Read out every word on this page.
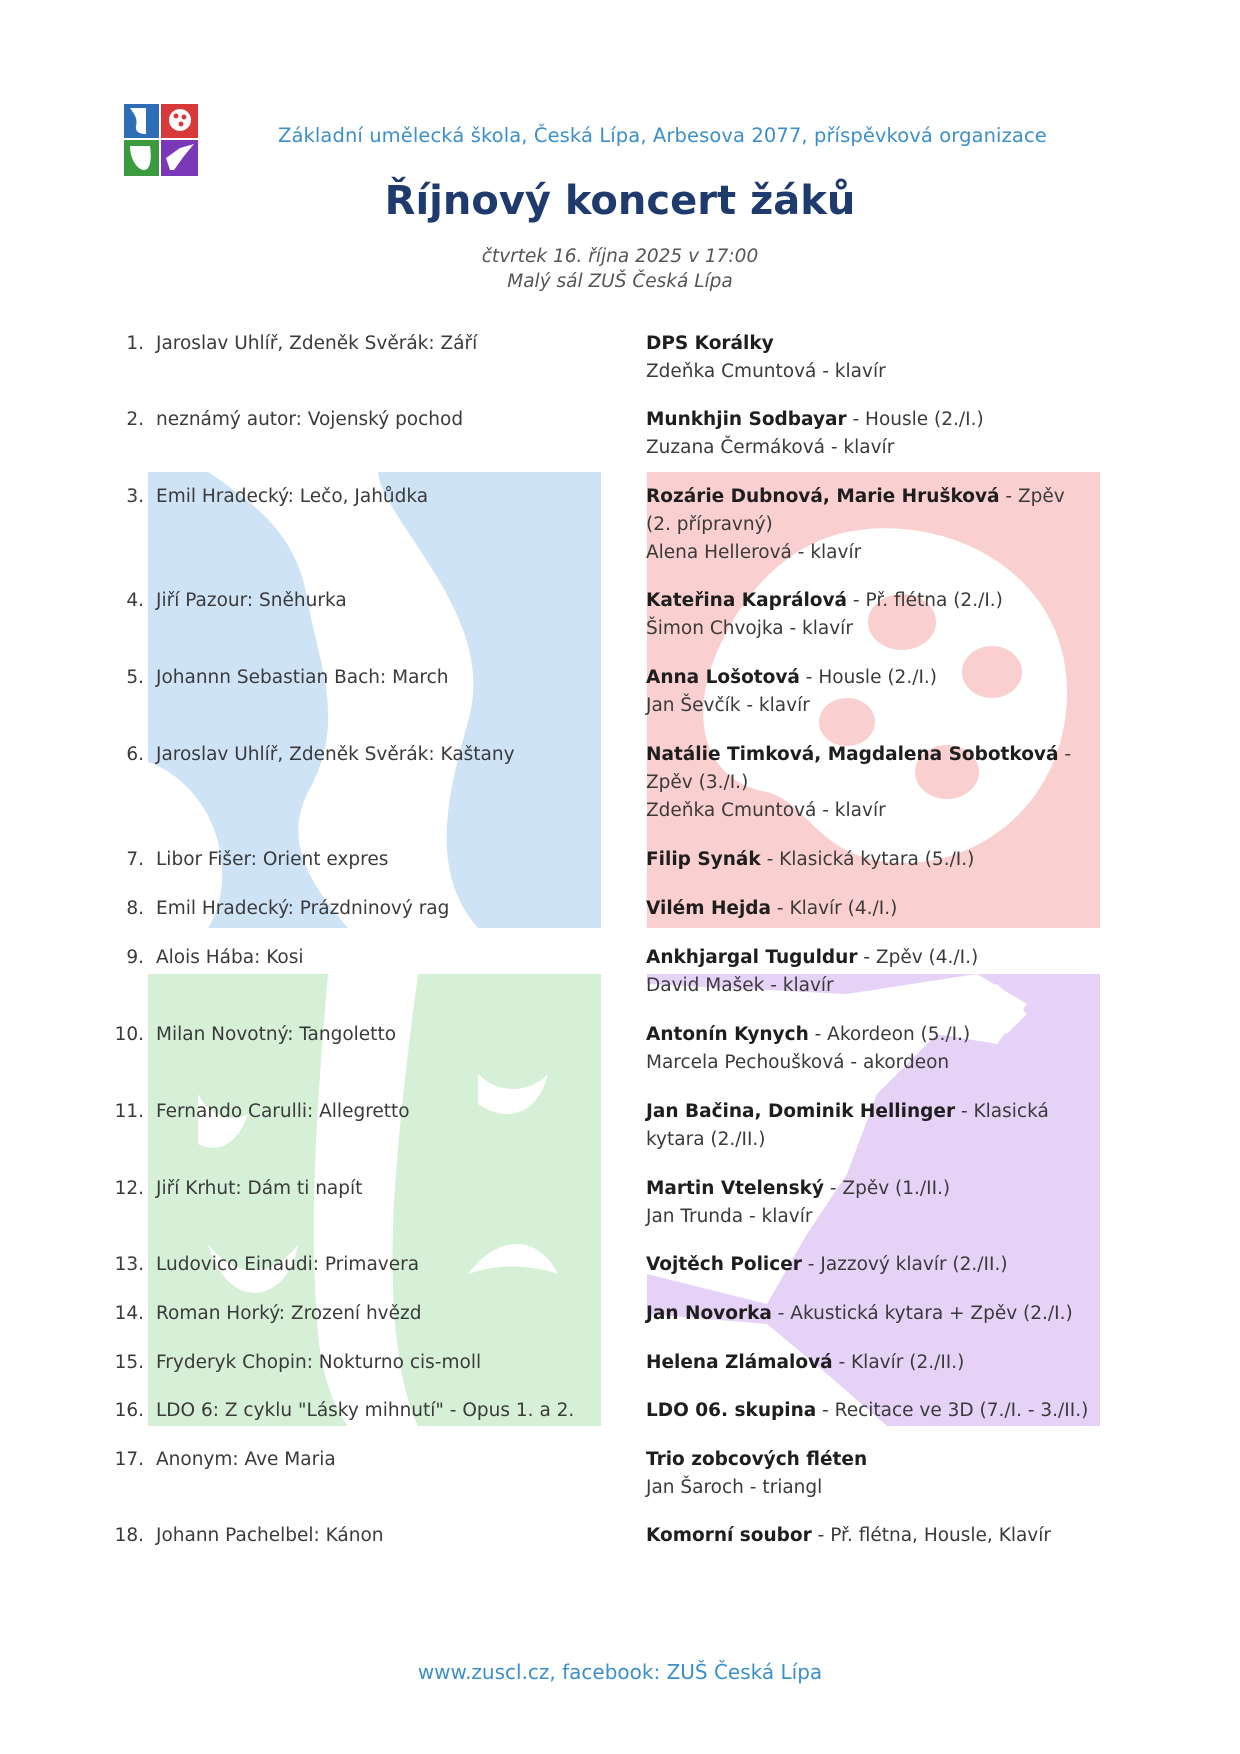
Základní umělecká škola, Česká Lípa, Arbesova 2077, příspěvková organizace
Říjnový koncert žáků
čtvrtek 16. října 2025 v 17:00
Malý sál ZUŠ Česká Lípa
1. Jaroslav Uhlíř, Zdeněk Svěrák: Září	DPS Korálky
Zdeňka Cmuntová - klavír
2. neznámý autor: Vojenský pochod	Munkhjin Sodbayar - Housle (2./I.)
Zuzana Čermáková - klavír
3. Emil Hradecký: Lečo, Jahůdka	Rozárie Dubnová, Marie Hrušková - Zpěv (2. přípravný)
Alena Hellerová - klavír
4. Jiří Pazour: Sněhurka	Kateřina Kaprálová - Př. flétna (2./I.)
Šimon Chvojka - klavír
5. Johannn Sebastian Bach: March	Anna Lošotová - Housle (2./I.)
Jan Ševčík - klavír
6. Jaroslav Uhlíř, Zdeněk Svěrák: Kaštany	Natálie Timková, Magdalena Sobotková - Zpěv (3./I.)
Zdeňka Cmuntová - klavír
7. Libor Fišer: Orient expres	Filip Synák - Klasická kytara (5./I.)
8. Emil Hradecký: Prázdninový rag	Vilém Hejda - Klavír (4./I.)
9. Alois Hába: Kosi	Ankhjargal Tuguldur - Zpěv (4./I.)
David Mašek - klavír
10. Milan Novotný: Tangoletto	Antonín Kynych - Akordeon (5./I.)
Marcela Pechoušková - akordeon
11. Fernando Carulli: Allegretto	Jan Bačina, Dominik Hellinger - Klasická kytara (2./II.)
12. Jiří Krhut: Dám ti napít	Martin Vtelenský - Zpěv (1./II.)
Jan Trunda - klavír
13. Ludovico Einaudi: Primavera	Vojtěch Policer - Jazzový klavír (2./II.)
14. Roman Horký: Zrození hvězd	Jan Novorka - Akustická kytara + Zpěv (2./I.)
15. Fryderyk Chopin: Nokturno cis-moll	Helena Zlámalová - Klavír (2./II.)
16. LDO 6: Z cyklu "Lásky mihnutí" - Opus 1. a 2.	LDO 06. skupina - Recitace ve 3D (7./I. - 3./II.)
17. Anonym: Ave Maria	Trio zobcových fléten
Jan Šaroch - triangl
18. Johann Pachelbel: Kánon	Komorní soubor - Př. flétna, Housle, Klavír
www.zuscl.cz, facebook: ZUŠ Česká Lípa
